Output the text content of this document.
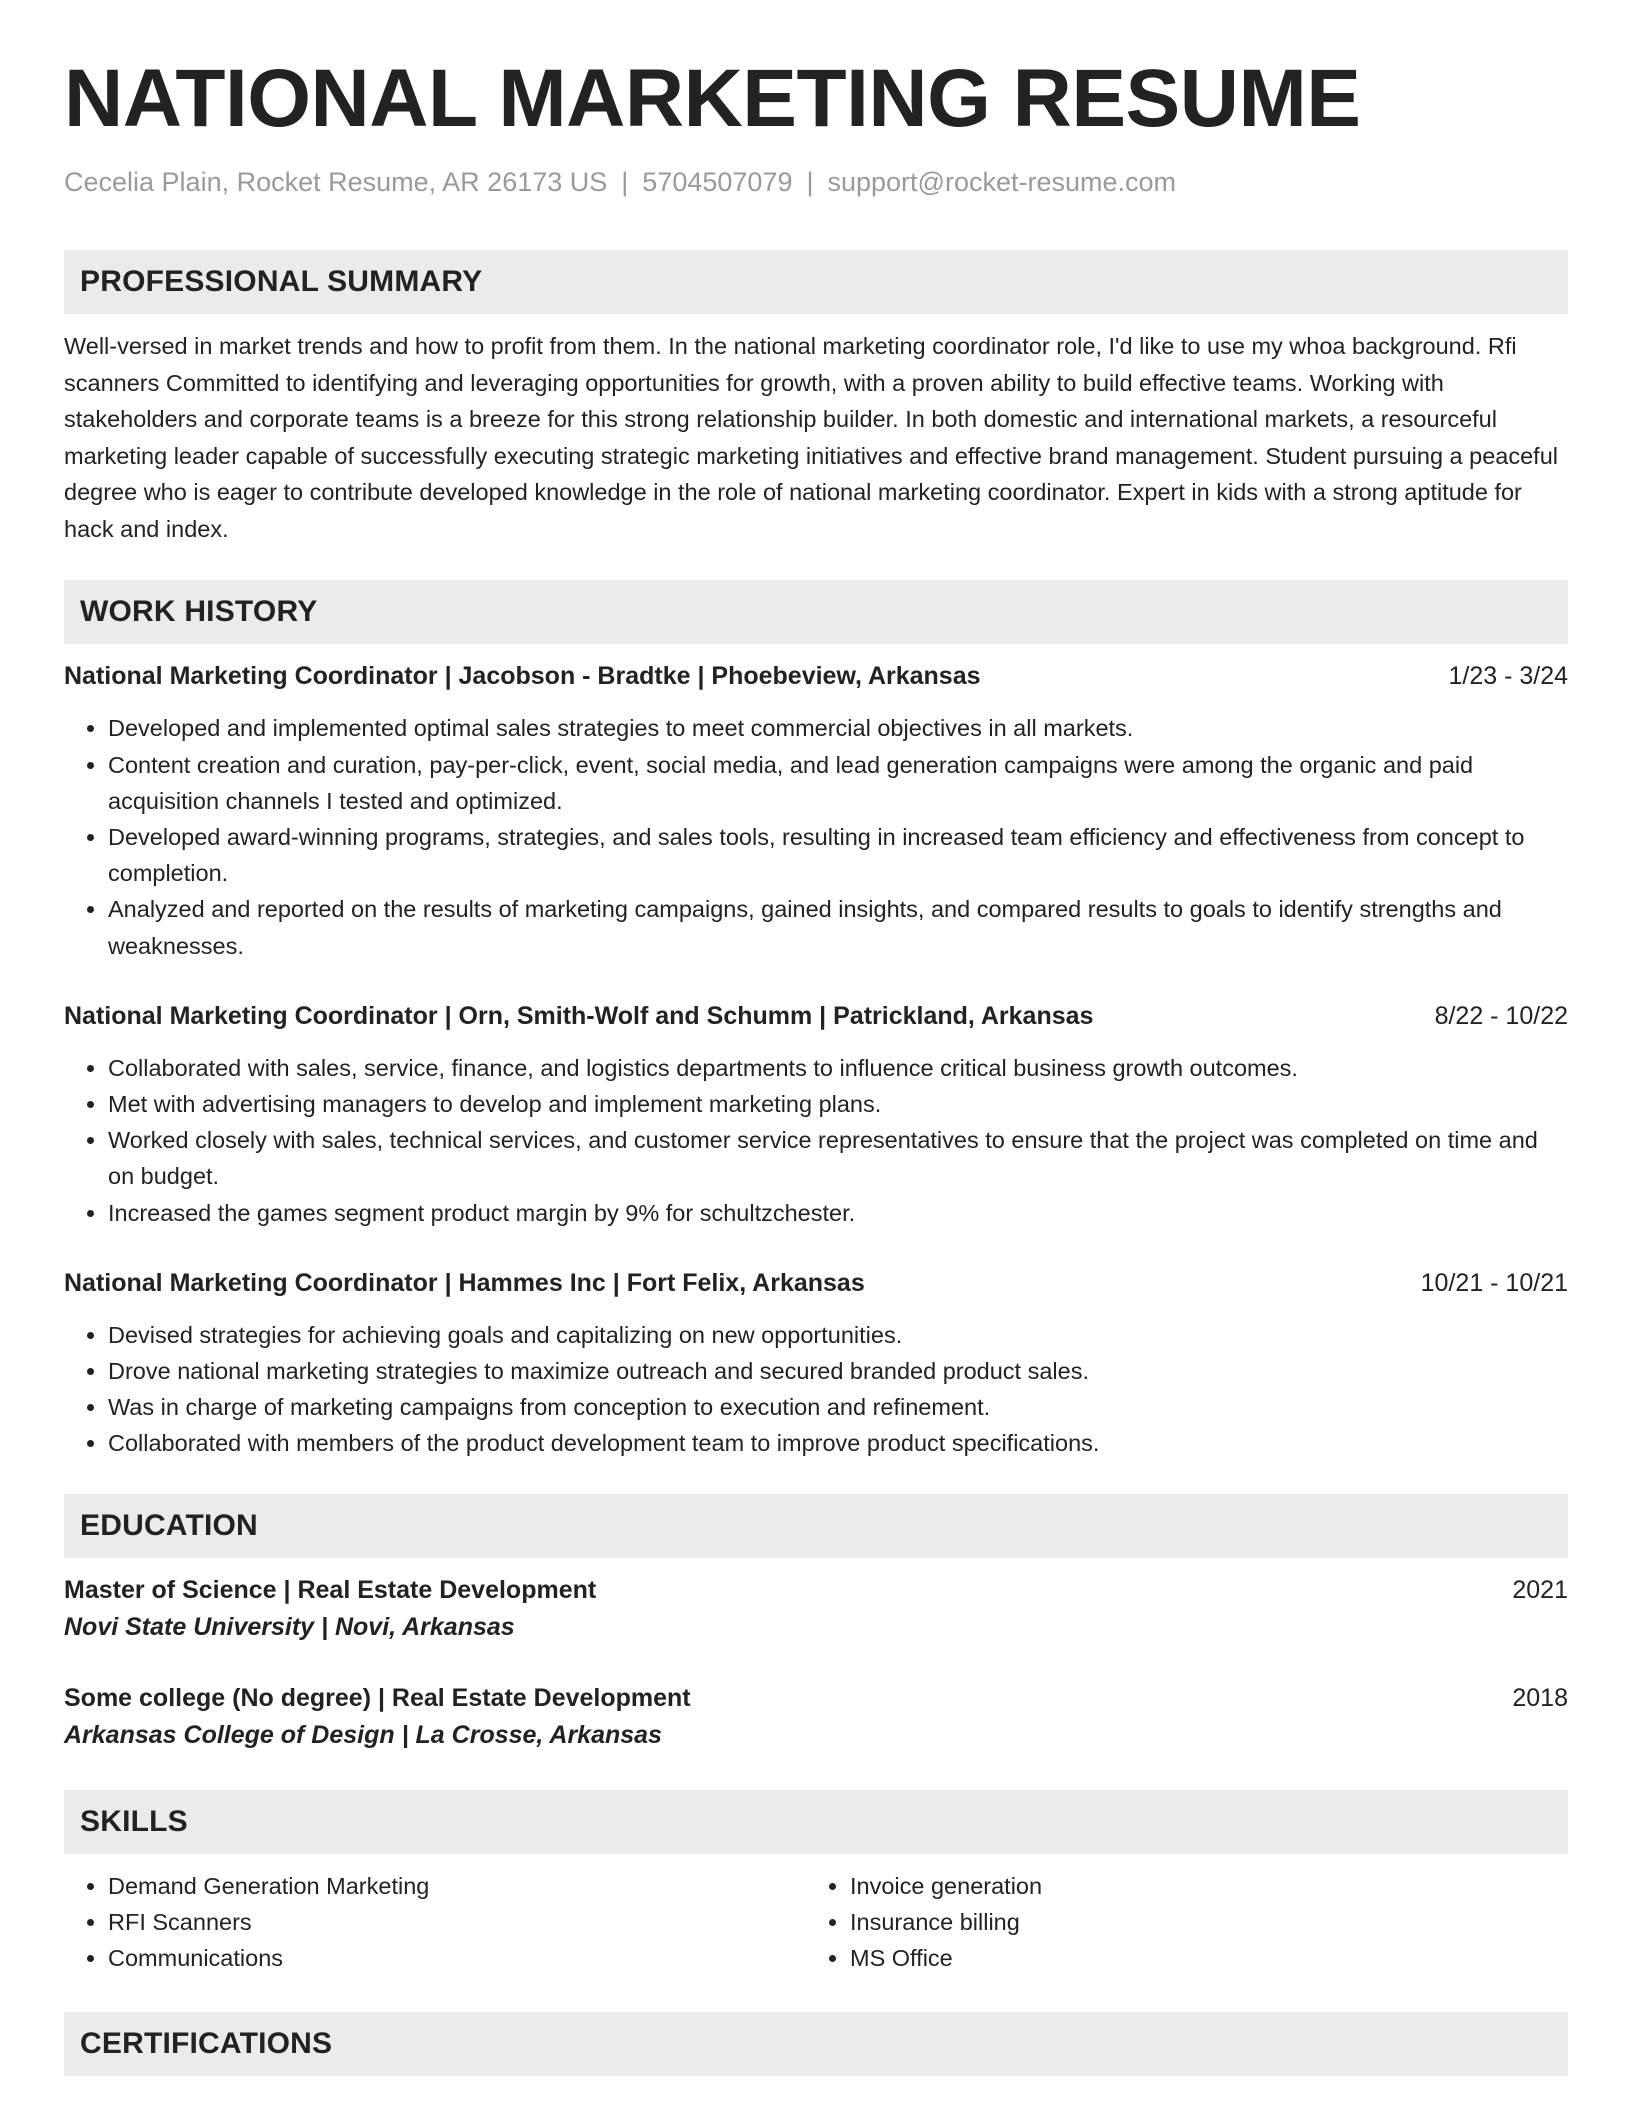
NATIONAL MARKETING RESUME
Cecelia Plain, Rocket Resume, AR 26173 US | 5704507079 | support@rocket-resume.com
PROFESSIONAL SUMMARY
Well-versed in market trends and how to profit from them. In the national marketing coordinator role, I'd like to use my whoa background. Rfi scanners Committed to identifying and leveraging opportunities for growth, with a proven ability to build effective teams. Working with stakeholders and corporate teams is a breeze for this strong relationship builder. In both domestic and international markets, a resourceful marketing leader capable of successfully executing strategic marketing initiatives and effective brand management. Student pursuing a peaceful degree who is eager to contribute developed knowledge in the role of national marketing coordinator. Expert in kids with a strong aptitude for hack and index.
WORK HISTORY
National Marketing Coordinator | Jacobson - Bradtke | Phoebeview, Arkansas	1/23 - 3/24
• Developed and implemented optimal sales strategies to meet commercial objectives in all markets.
• Content creation and curation, pay-per-click, event, social media, and lead generation campaigns were among the organic and paid acquisition channels I tested and optimized.
• Developed award-winning programs, strategies, and sales tools, resulting in increased team efficiency and effectiveness from concept to completion.
• Analyzed and reported on the results of marketing campaigns, gained insights, and compared results to goals to identify strengths and weaknesses.
National Marketing Coordinator | Orn, Smith-Wolf and Schumm | Patrickland, Arkansas	8/22 - 10/22
• Collaborated with sales, service, finance, and logistics departments to influence critical business growth outcomes.
• Met with advertising managers to develop and implement marketing plans.
• Worked closely with sales, technical services, and customer service representatives to ensure that the project was completed on time and on budget.
• Increased the games segment product margin by 9% for schultzchester.
National Marketing Coordinator | Hammes Inc | Fort Felix, Arkansas	10/21 - 10/21
• Devised strategies for achieving goals and capitalizing on new opportunities.
• Drove national marketing strategies to maximize outreach and secured branded product sales.
• Was in charge of marketing campaigns from conception to execution and refinement.
• Collaborated with members of the product development team to improve product specifications.
EDUCATION
Master of Science | Real Estate Development	2021
Novi State University | Novi, Arkansas
Some college (No degree) | Real Estate Development	2018
Arkansas College of Design | La Crosse, Arkansas
SKILLS
• Demand Generation Marketing
• RFI Scanners
• Communications
• Invoice generation
• Insurance billing
• MS Office
CERTIFICATIONS
